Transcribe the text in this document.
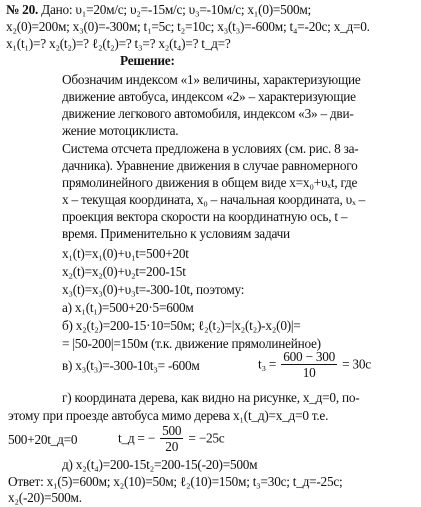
№ 20. Дано: υ₁=20м/с; υ₂=-15м/с; υ₃=-10м/с; x₁(0)=500м;
x₂(0)=200м; x₃(0)=-300м; t₁=5с; t₂=10с; x₃(t₃)=-600м; t₄=-20с; x_д=0.
x₁(t₁)=? x₂(t₂)=? ℓ₂(t₂)=? t₃=? x₂(t₄)=? t_д=?
Решение:
Обозначим индексом «1» величины, характеризующие
движение автобуса, индексом «2» – характеризующие
движение легкового автомобиля, индексом «3» – дви-
жение мотоциклиста.
Система отсчета предложена в условиях (см. рис. 8 за-
дачника). Уравнение движения в случае равномерного
прямолинейного движения в общем виде x=x₀+υₓt, где
x – текущая координата, x₀ – начальная координата, υₓ –
проекция вектора скорости на координатную ось, t –
время. Применительно к условиям задачи
x₁(t)=x₁(0)+υ₁t=500+20t
x₂(t)=x₂(0)+υ₂t=200-15t
x₃(t)=x₃(0)+υ₃t=-300-10t, поэтому:
а) x₁(t₁)=500+20·5=600м
б) x₂(t₂)=200-15·10=50м; ℓ₂(t₂)=|x₂(t₂)-x₂(0)|=
= |50-200|=150м (т.к. движение прямолинейное)
в) x₃(t₃)=-300-10t₃= -600м	$t_3 = \frac{600 - 300}{10} = 30с$
г) координата дерева, как видно на рисунке, x_д=0, по-
этому при проезде автобуса мимо дерева x₁(t_д)=x_д=0 т.е.
500+20t_д=0	t_д = − $\frac{500}{20} = -25с$
д) x₂(t₄)=200-15t₂=200-15(-20)=500м
Ответ: x₁(5)=600м; x₂(10)=50м; ℓ₂(10)=150м; t₃=30с; t_д=-25с;
x₂(-20)=500м.
